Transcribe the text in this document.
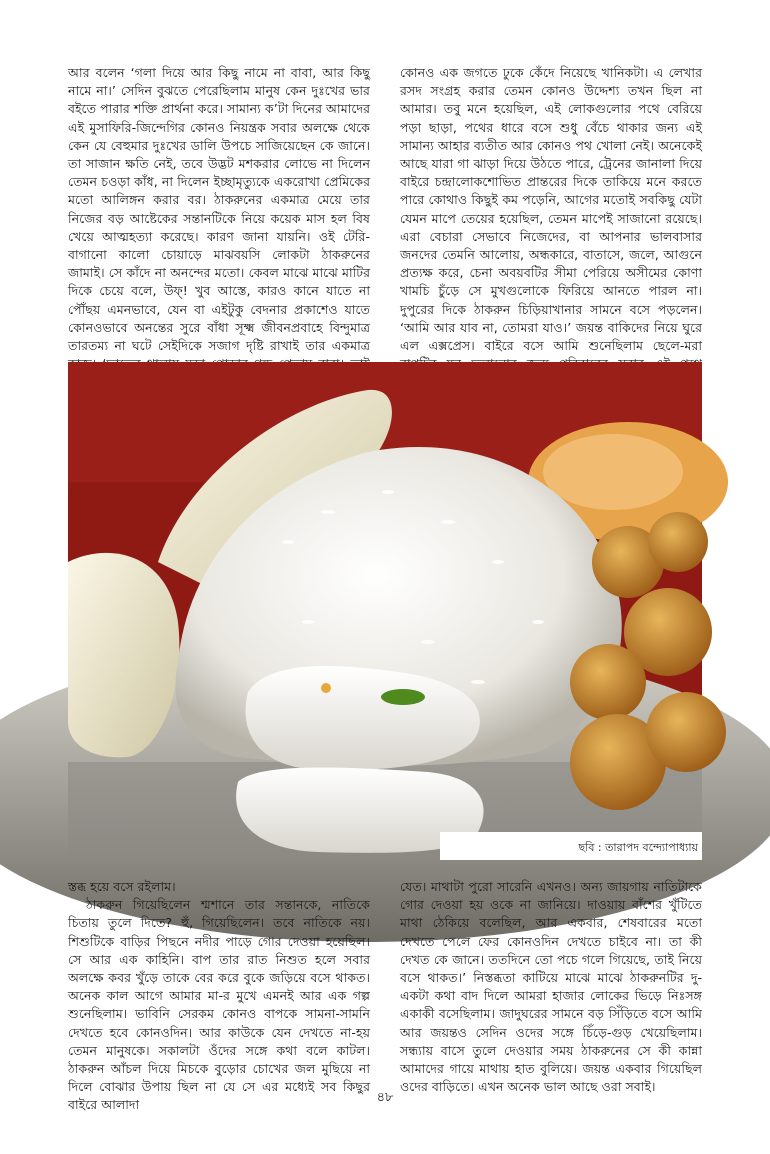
আর বলেন ‘গলা দিয়ে আর কিছু নামে না বাবা, আর কিছু নামে না।’ সেদিন বুঝতে পেরেছিলাম মানুষ কেন দুঃখের ভার বইতে পারার শক্তি প্রার্থনা করে। সামান্য ক’টা দিনের আমাদের এই মুসাফিরি-জিন্দেগির কোনও নিয়ন্ত্রক সবার অলক্ষে থেকে কেন যে বেহুমার দুঃখের ডালি উপচে সাজিয়েছেন কে জানে। তা সাজান ক্ষতি নেই, তবে উদ্ভট মশকরার লোভে না দিলেন তেমন চওড়া কাঁধ, না দিলেন ইচ্ছামৃত্যুকে একরোখা প্রেমিকের মতো আলিঙ্গন করার বর। ঠাকরুনের একমাত্র মেয়ে তার নিজের বড় আষ্টেকের সন্তানটিকে নিয়ে কয়েক মাস হল বিষ খেয়ে আত্মহত্যা করেছে। কারণ জানা যায়নি। ওই টেরি-বাগানো কালো চোয়াড়ে মাঝবয়সি লোকটা ঠাকরুনের জামাই। সে কাঁদে না অনন্দের মতো। কেবল মাঝে মাঝে মাটির দিকে চেয়ে বলে, উফ্! খুব আস্তে, কারও কানে যাতে না পৌঁছয় এমনভাবে, যেন বা এইটুকু বেদনার প্রকাশেও যাতে কোনওভাবে অনন্তের সুরে বাঁধা সূক্ষ্ম জীবনপ্রবাহে বিন্দুমাত্র তারতম্য না ঘটে সেইদিকে সজাগ দৃষ্টি রাখাই তার একমাত্র

কোনও এক জগতে ঢুকে কেঁদে নিয়েছে খানিকটা। এ লেখার রসদ সংগ্রহ করার তেমন কোনও উদ্দেশ্য তখন ছিল না আমার। তবু মনে হয়েছিল, এই লোকগুলোর পথে বেরিয়ে পড়া ছাড়া, পথের ধারে বসে শুধু বেঁচে থাকার জন্য এই সামান্য আহার ব্যতীত আর কোনও পথ খোলা নেই। অনেকেই আছে যারা গা ঝাড়া দিয়ে উঠতে পারে, ট্রেনের জানালা দিয়ে বাইরে চন্দ্রালোকশোভিত প্রান্তরের দিকে তাকিয়ে মনে করতে পারে কোথাও কিছুই কম পড়েনি, আগের মতোই সবকিছু যেটা যেমন মাপে তেয়ের হয়েছিল, তেমন মাপেই সাজানো রয়েছে। এরা বেচারা সেভাবে নিজেদের, বা আপনার ভালবাসার জনদের তেমনি আলোয়, অন্ধকারে, বাতাসে, জলে, আগুনে প্রত্যক্ষ করে, চেনা অবয়বটির সীমা পেরিয়ে অসীমের কোণা খামচি চুঁড়ে সে মুখগুলোকে ফিরিয়ে আনতে পারল না। দুপুরের দিকে ঠাকরুন চিড়িয়াখানার সামনে বসে পড়লেন। ‘আমি আর যাব না, তোমরা যাও।’ জয়ন্ত বাকিদের নিয়ে ঘুরে এল এক্সপ্রেস। বাইরে বসে আমি শুনেছিলাম ছেলে-মরা

ছবি : তারাপদ বন্দ্যোপাধ্যায়

স্তব্ধ হয়ে বসে রইলাম।

ঠাকরুন গিয়েছিলেন শ্মশানে তার সন্তানকে, নাতিকে চিতায় তুলে দিতে? হুঁ, গিয়েছিলেন। তবে নাতিকে নয়। শিশুটিকে বাড়ির পিছনে নদীর পাড়ে গোর দেওয়া হয়েছিল। সে আর এক কাহিনি। বাপ তার রাত নিশুত হলে সবার অলক্ষে কবর খুঁড়ে তাকে বের করে বুকে জড়িয়ে বসে থাকত। অনেক কাল আগে আমার মা-র মুখে এমনই আর এক গল্প শুনেছিলাম। ভাবিনি সেরকম কোনও বাপকে সামনা-সামনি দেখতে হবে কোনওদিন। আর কাউকে যেন দেখতে না-হয় তেমন মানুষকে। সকালটা ওঁদের সঙ্গে কথা বলে কাটল। ঠাকরুন আঁচল দিয়ে মিচকে বুড়োর চোখের জল মুছিয়ে না দিলে বোঝার উপায় ছিল না যে সে এর মধ্যেই সব কিছুর বাইরে আলাদা

যেত। মাথাটা পুরো সারেনি এখনও। অন্য জায়গায় নাতিটাকে গোর দেওয়া হয় ওকে না জানিয়ে। দাওয়ায় বাঁশের খুঁটিতে মাথা ঠেকিয়ে বলেছিল, আর একবার, শেষবারের মতো দেখতে পেলে ফের কোনওদিন দেখতে চাইবে না। তা কী দেখত কে জানে। ততদিনে তো পচে গলে গিয়েছে, তাই নিয়ে বসে থাকত।’ নিস্তব্ধতা কাটিয়ে মাঝে মাঝে ঠাকরুনটির দু-একটা কথা বাদ দিলে আমরা হাজার লোকের ভিড়ে নিঃসঙ্গ একাকী বসেছিলাম। জাদুঘরের সামনে বড় সিঁড়িতে বসে আমি আর জয়ন্তও সেদিন ওদের সঙ্গে চিঁড়ে-গুড় খেয়েছিলাম। সন্ধ্যায় বাসে তুলে দেওয়ার সময় ঠাকরুনের সে কী কান্না আমাদের গায়ে মাথায় হাত বুলিয়ে। জয়ন্ত একবার গিয়েছিল ওদের বাড়িতে। এখন অনেক ভাল আছে ওরা সবাই।

৪৮
